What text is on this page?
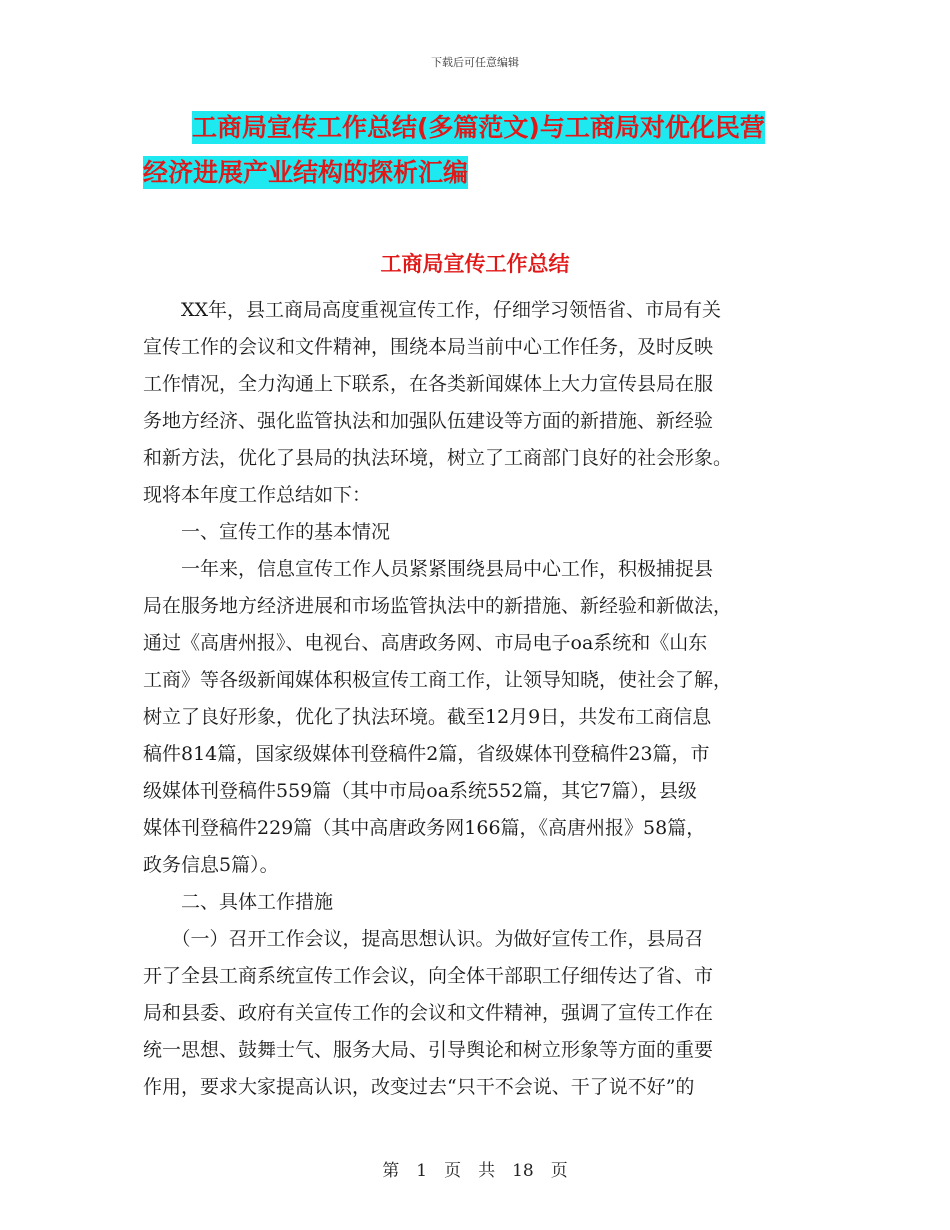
下载后可任意编辑
工商局宣传工作总结(多篇范文)与工商局对优化民营
经济进展产业结构的探析汇编
工商局宣传工作总结
　　XX年，县工商局高度重视宣传工作，仔细学习领悟省、市局有关
宣传工作的会议和文件精神，围绕本局当前中心工作任务，及时反映
工作情况，全力沟通上下联系，在各类新闻媒体上大力宣传县局在服
务地方经济、强化监管执法和加强队伍建设等方面的新措施、新经验
和新方法，优化了县局的执法环境，树立了工商部门良好的社会形象。
现将本年度工作总结如下：
　　一、宣传工作的基本情况
　　一年来，信息宣传工作人员紧紧围绕县局中心工作，积极捕捉县
局在服务地方经济进展和市场监管执法中的新措施、新经验和新做法，
通过《高唐州报》、电视台、高唐政务网、市局电子oa系统和《山东
工商》等各级新闻媒体积极宣传工商工作，让领导知晓，使社会了解，
树立了良好形象，优化了执法环境。截至12月9日，共发布工商信息
稿件814篇，国家级媒体刊登稿件2篇，省级媒体刊登稿件23篇，市
级媒体刊登稿件559篇（其中市局oa系统552篇，其它7篇），县级
媒体刊登稿件229篇（其中高唐政务网166篇，《高唐州报》58篇，
政务信息5篇）。
　　二、具体工作措施
　　（一）召开工作会议，提高思想认识。为做好宣传工作，县局召
开了全县工商系统宣传工作会议，向全体干部职工仔细传达了省、市
局和县委、政府有关宣传工作的会议和文件精神，强调了宣传工作在
统一思想、鼓舞士气、服务大局、引导舆论和树立形象等方面的重要
作用，要求大家提高认识，改变过去“只干不会说、干了说不好”的
第　1　页　共　18　页
